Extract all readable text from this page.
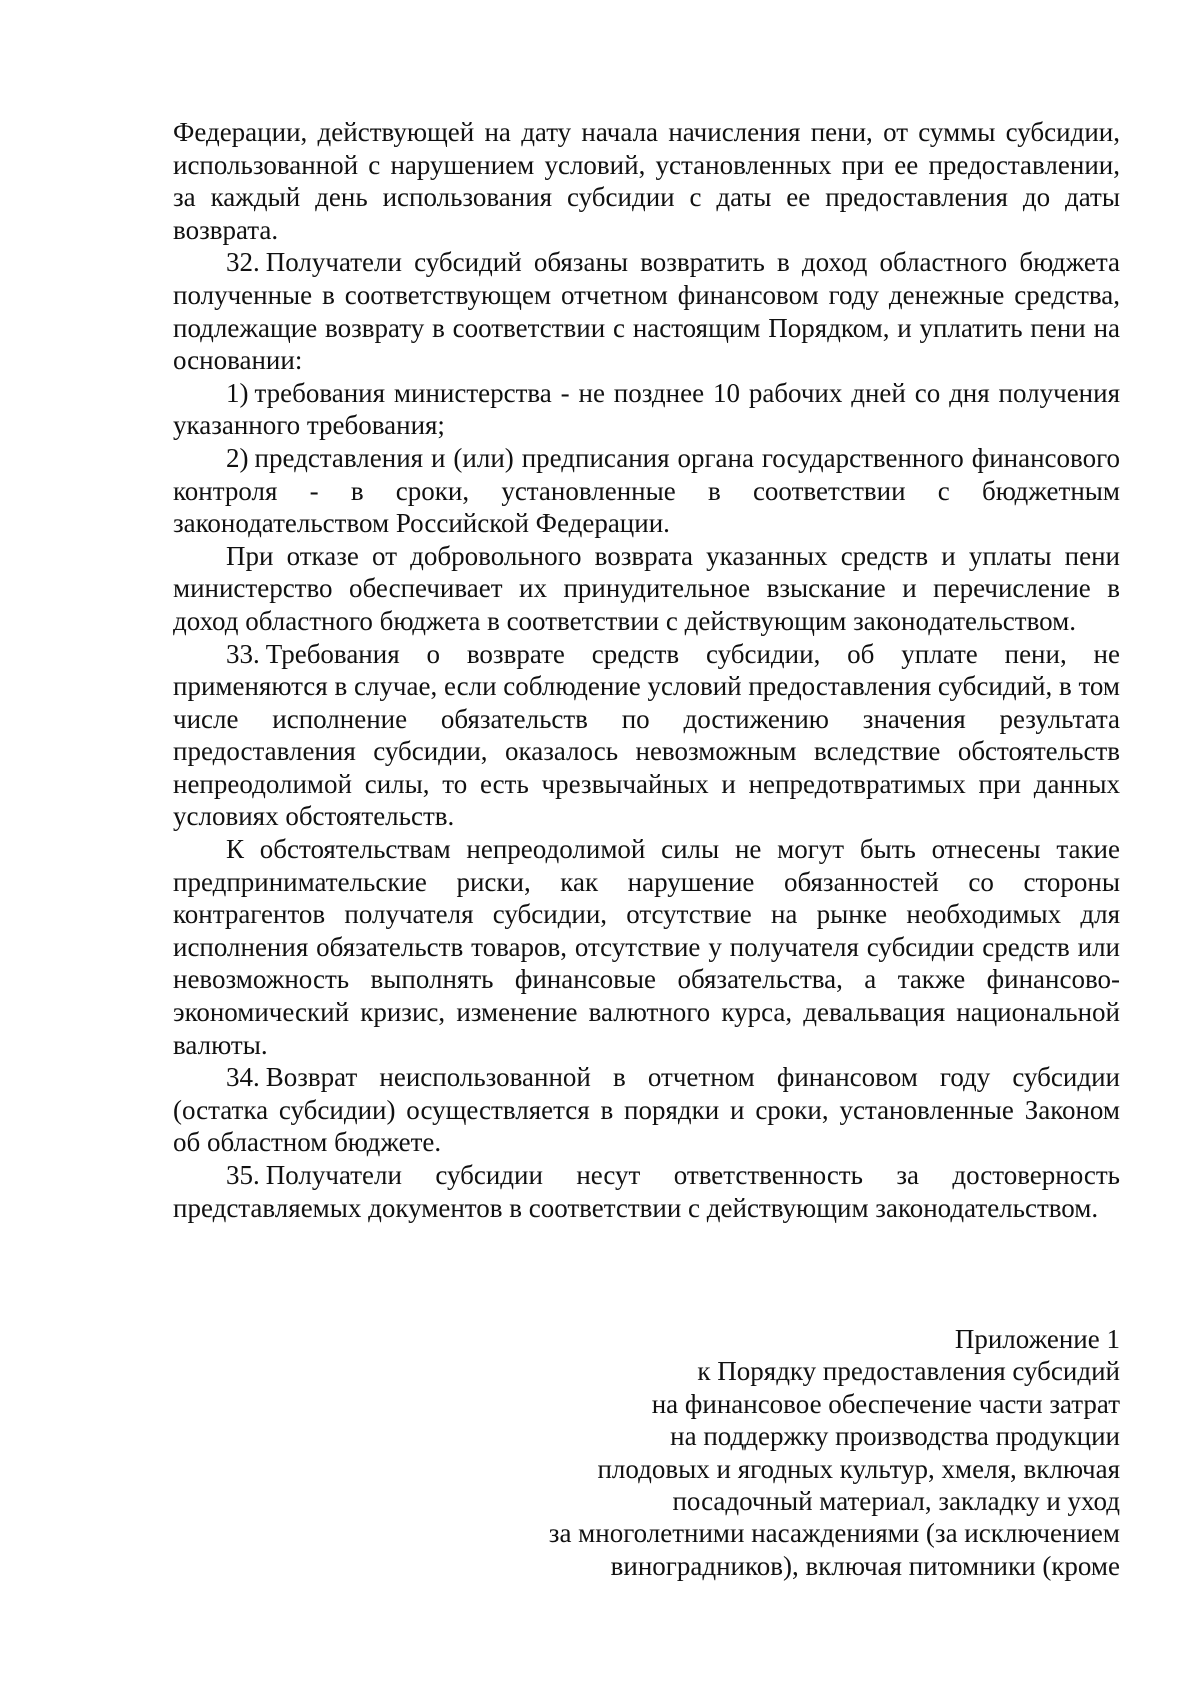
Федерации, действующей на дату начала начисления пени, от суммы субсидии, использованной с нарушением условий, установленных при ее предоставлении, за каждый день использования субсидии с даты ее предоставления до даты возврата.

32. Получатели субсидий обязаны возвратить в доход областного бюджета полученные в соответствующем отчетном финансовом году денежные средства, подлежащие возврату в соответствии с настоящим Порядком, и уплатить пени на основании:

1) требования министерства - не позднее 10 рабочих дней со дня получения указанного требования;

2) представления и (или) предписания органа государственного финансового контроля - в сроки, установленные в соответствии с бюджетным законодательством Российской Федерации.

При отказе от добровольного возврата указанных средств и уплаты пени министерство обеспечивает их принудительное взыскание и перечисление в доход областного бюджета в соответствии с действующим законодательством.

33. Требования о возврате средств субсидии, об уплате пени, не применяются в случае, если соблюдение условий предоставления субсидий, в том числе исполнение обязательств по достижению значения результата предоставления субсидии, оказалось невозможным вследствие обстоятельств непреодолимой силы, то есть чрезвычайных и непредотвратимых при данных условиях обстоятельств.

К обстоятельствам непреодолимой силы не могут быть отнесены такие предпринимательские риски, как нарушение обязанностей со стороны контрагентов получателя субсидии, отсутствие на рынке необходимых для исполнения обязательств товаров, отсутствие у получателя субсидии средств или невозможность выполнять финансовые обязательства, а также финансово-экономический кризис, изменение валютного курса, девальвация национальной валюты.

34. Возврат неиспользованной в отчетном финансовом году субсидии (остатка субсидии) осуществляется в порядки и сроки, установленные Законом об областном бюджете.

35. Получатели субсидии несут ответственность за достоверность представляемых документов в соответствии с действующим законодательством.

Приложение 1
к Порядку предоставления субсидий
на финансовое обеспечение части затрат
на поддержку производства продукции
плодовых и ягодных культур, хмеля, включая
посадочный материал, закладку и уход
за многолетними насаждениями (за исключением
виноградников), включая питомники (кроме
